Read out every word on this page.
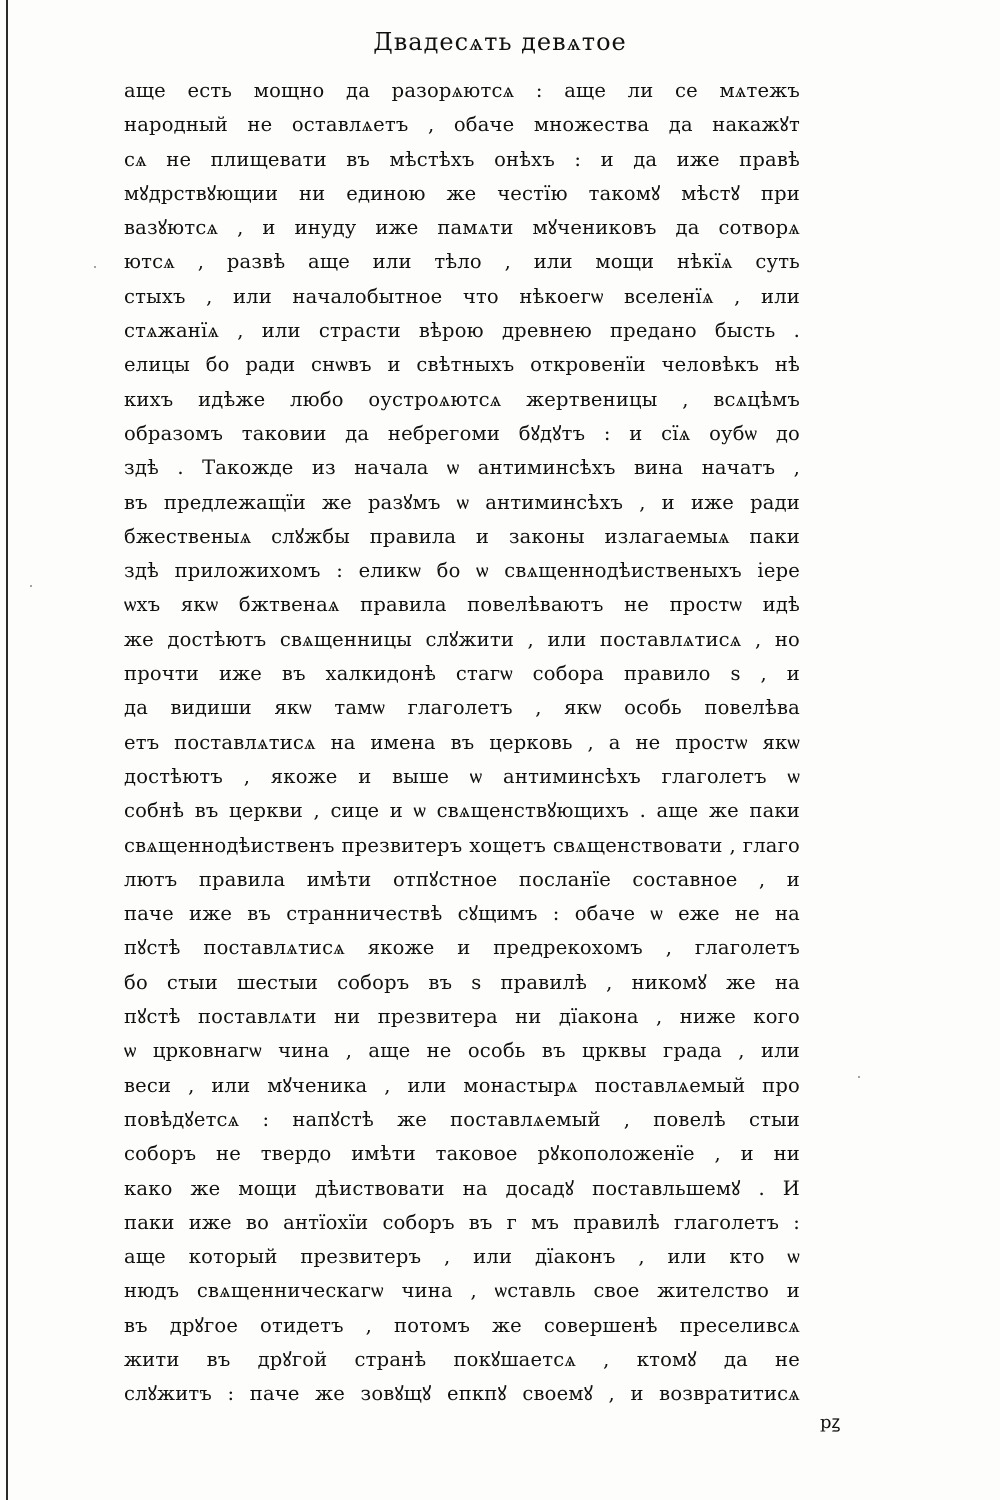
Двадесѧть девѧтое
аще есть мощно да разорѧютсѧ : аще ли се мѧтежъ
народный не оставлѧетъ , обаче множества да накажꙋт
сѧ не плищевати въ мѣстѣхъ онѣхъ : и да иже правѣ
мꙋдрствꙋющии ни единою же честїю такомꙋ мѣстꙋ при
вазꙋютсѧ , и инуду иже памѧти мꙋчениковъ да сотворѧ
ютсѧ , развѣ аще или тѣло , или мощи нѣкїѧ суть
стыхъ , или началобытное что нѣкоегѡ вселенїѧ , или
стѧжанїѧ , или страсти вѣрою древнею предано бысть .
елицы бо ради снѡвъ и свѣтныхъ откровенїи человѣкъ нѣ
кихъ идѣже любо оустроѧютсѧ жертвеницы , всѧцѣмъ
образомъ таковии да небрегоми бꙋдꙋтъ : и сїѧ оубѡ до
здѣ . Такожде из начала ѡ антиминсѣхъ вина начатъ ,
въ предлежащїи же разꙋмъ ѡ антиминсѣхъ , и иже ради
бжественыѧ слꙋжбы правила и законы излагаемыѧ паки
здѣ приложихомъ : еликѡ бо ѡ свѧщеннодѣиственыхъ іере
ѡхъ якѡ бжтвенаѧ правила повелѣваютъ не простѡ идѣ
же достѣютъ свѧщенницы слꙋжити , или поставлѧтисѧ , но
прочти иже въ халкидонѣ стагѡ собора правило s , и
да видиши якѡ тамѡ глаголетъ , якѡ особь повелѣва
етъ поставлѧтисѧ на имена въ церковь , а не простѡ якѡ
достѣютъ , якоже и выше ѡ антиминсѣхъ глаголетъ ѡ
собнѣ въ церкви , сице и ѡ свѧщенствꙋющихъ . аще же паки
свѧщеннодѣиственъ презвитеръ хощетъ свѧщенствовати , глаго
лютъ правила имѣти отпꙋстное посланїе составное , и
паче иже въ странничествѣ сꙋщимъ : обаче ѡ еже не на
пꙋстѣ поставлѧтисѧ якоже и предрекохомъ , глаголетъ
бо стыи шестыи соборъ въ s правилѣ , никомꙋ же на
пꙋстѣ поставлѧти ни презвитера ни дїакона , ниже кого
ѡ црковнагѡ чина , аще не особь въ црквы града , или
веси , или мꙋченика , или монастырѧ поставлѧемый про
повѣдꙋетсѧ : напꙋстѣ же поставлѧемый , повелѣ стыи
соборъ не твердо имѣти таковое рꙋкоположенїе , и ни
како же мощи дѣиствовати на досадꙋ поставльшемꙋ . И
паки иже во антїохїи соборъ въ г мъ правилѣ глаголетъ :
аще который презвитеръ , или дїаконъ , или кто ѡ
нюдъ свѧщенническагѡ чина , ѡставль свое жителство и
въ дрꙋгое отидетъ , потомъ же совершенѣ преселивсѧ
жити въ дрꙋгой странѣ покꙋшаетсѧ , ктомꙋ да не
слꙋжитъ : паче же зовꙋщꙋ епкпꙋ своемꙋ , и возвратитисѧ
рꙁ
